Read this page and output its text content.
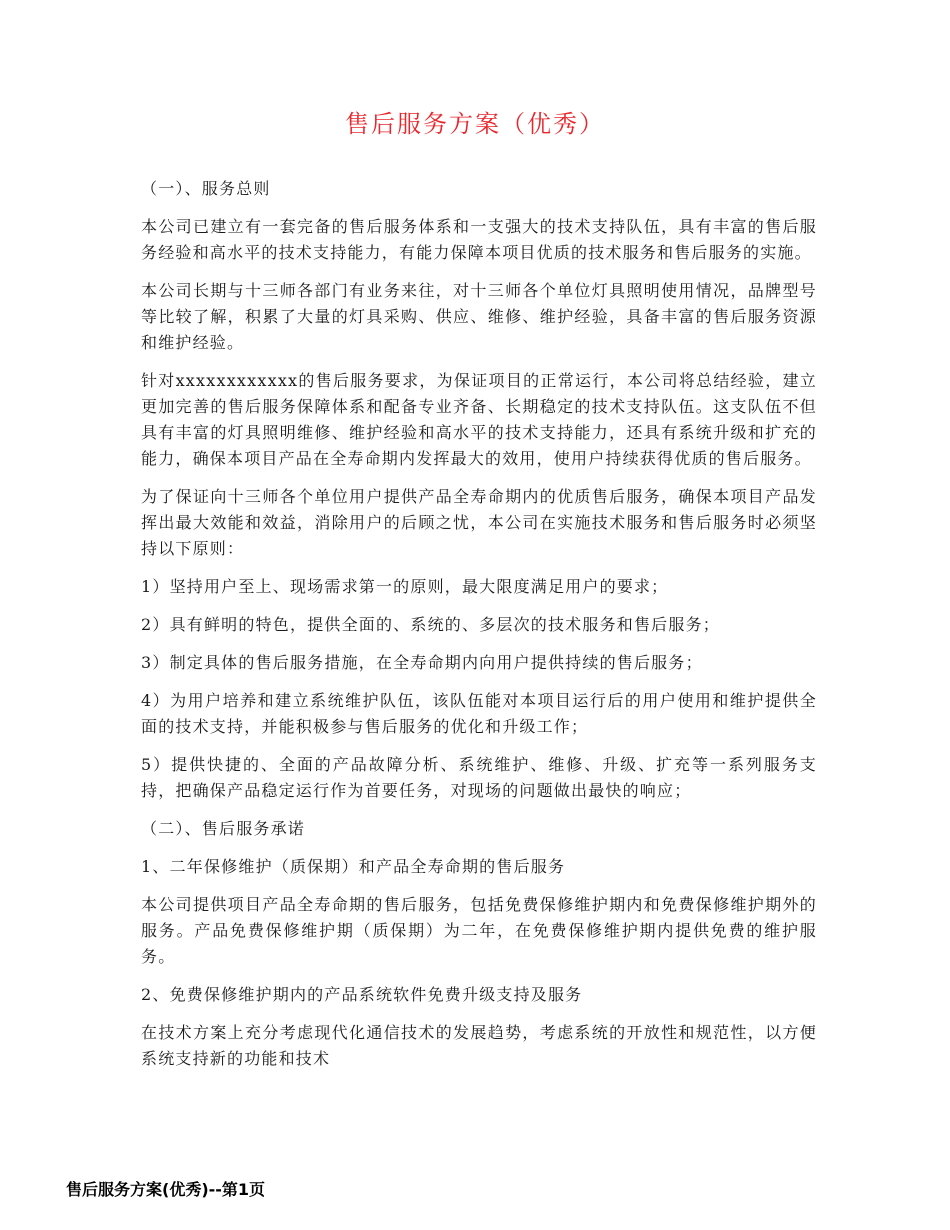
售后服务方案（优秀）
（一）、服务总则

本公司已建立有一套完备的售后服务体系和一支强大的技术支持队伍，具有丰富的售后服务经验和高水平的技术支持能力，有能力保障本项目优质的技术服务和售后服务的实施。

本公司长期与十三师各部门有业务来往，对十三师各个单位灯具照明使用情况，品牌型号等比较了解，积累了大量的灯具采购、供应、维修、维护经验，具备丰富的售后服务资源和维护经验。

针对xxxxxxxxxxxx的售后服务要求，为保证项目的正常运行，本公司将总结经验，建立更加完善的售后服务保障体系和配备专业齐备、长期稳定的技术支持队伍。这支队伍不但具有丰富的灯具照明维修、维护经验和高水平的技术支持能力，还具有系统升级和扩充的能力，确保本项目产品在全寿命期内发挥最大的效用，使用户持续获得优质的售后服务。

为了保证向十三师各个单位用户提供产品全寿命期内的优质售后服务，确保本项目产品发挥出最大效能和效益，消除用户的后顾之忧，本公司在实施技术服务和售后服务时必须坚持以下原则：

1）坚持用户至上、现场需求第一的原则，最大限度满足用户的要求；

2）具有鲜明的特色，提供全面的、系统的、多层次的技术服务和售后服务；

3）制定具体的售后服务措施，在全寿命期内向用户提供持续的售后服务；

4）为用户培养和建立系统维护队伍，该队伍能对本项目运行后的用户使用和维护提供全面的技术支持，并能积极参与售后服务的优化和升级工作；

5）提供快捷的、全面的产品故障分析、系统维护、维修、升级、扩充等一系列服务支持，把确保产品稳定运行作为首要任务，对现场的问题做出最快的响应；

（二）、售后服务承诺
1、二年保修维护（质保期）和产品全寿命期的售后服务

本公司提供项目产品全寿命期的售后服务，包括免费保修维护期内和免费保修维护期外的服务。产品免费保修维护期（质保期）为二年，在免费保修维护期内提供免费的维护服务。

2、免费保修维护期内的产品系统软件免费升级支持及服务

在技术方案上充分考虑现代化通信技术的发展趋势，考虑系统的开放性和规范性，以方便系统支持新的功能和技术

售后服务方案(优秀)--第1页
